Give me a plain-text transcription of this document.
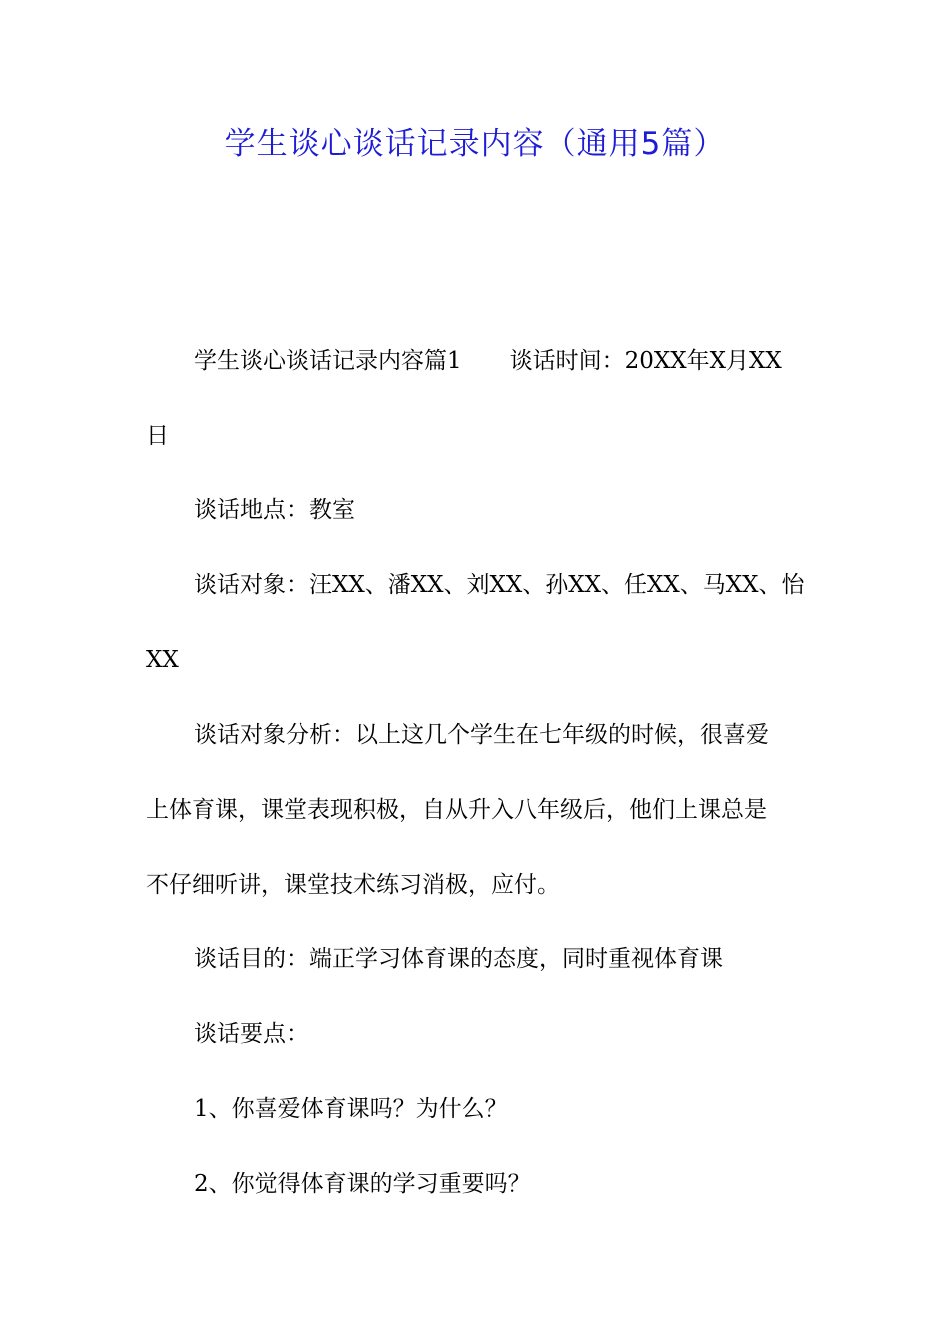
学生谈心谈话记录内容（通用5篇）
学生谈心谈话记录内容篇1 谈话时间：20XX年X月XX
日
谈话地点：教室
谈话对象：汪XX、潘XX、刘XX、孙XX、任XX、马XX、怡
XX
谈话对象分析：以上这几个学生在七年级的时候，很喜爱
上体育课，课堂表现积极，自从升入八年级后，他们上课总是
不仔细听讲，课堂技术练习消极，应付。
谈话目的：端正学习体育课的态度，同时重视体育课
谈话要点：
1、你喜爱体育课吗？为什么？
2、你觉得体育课的学习重要吗？
